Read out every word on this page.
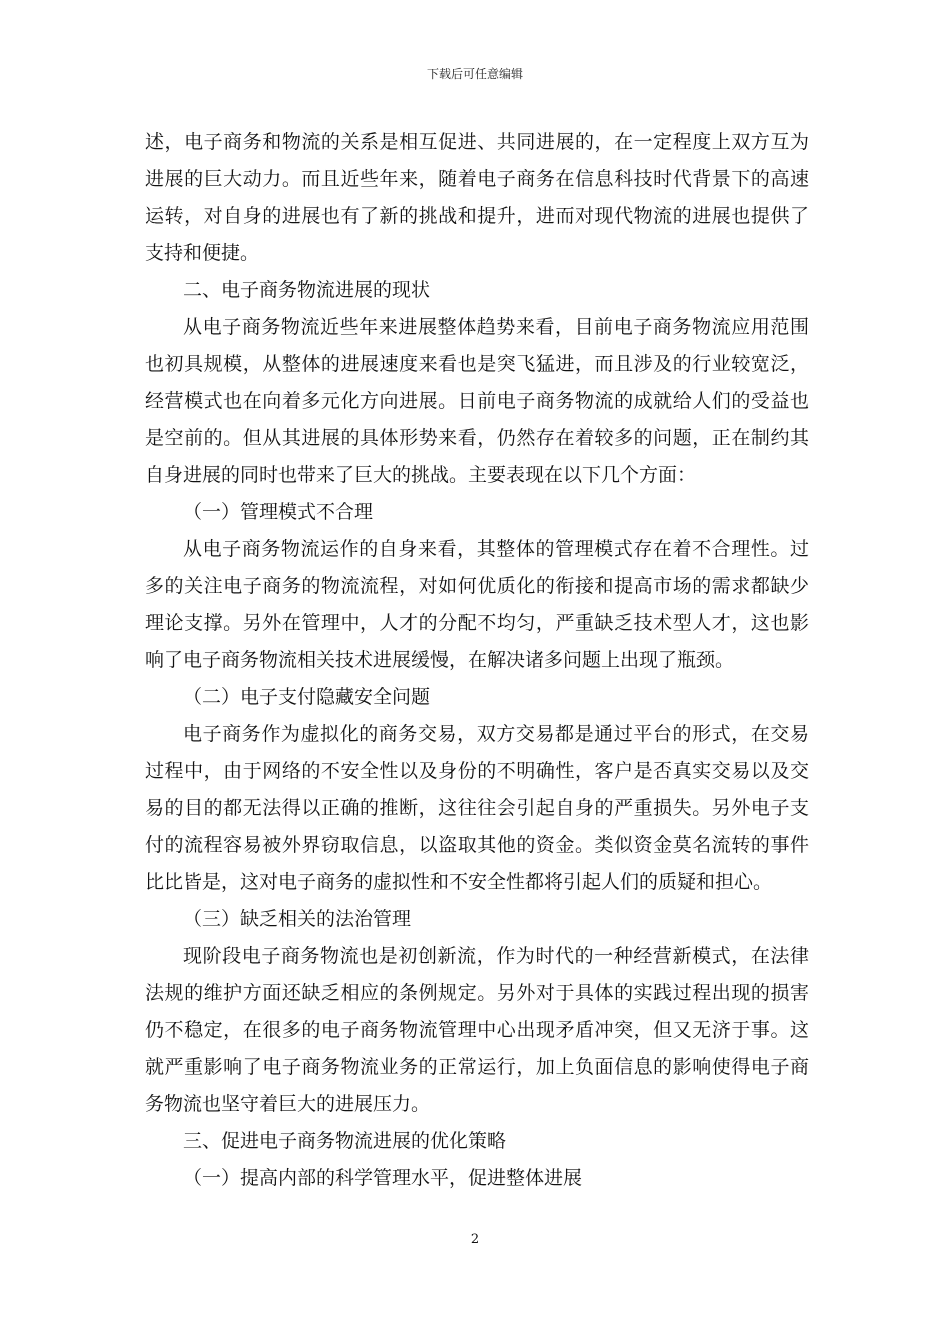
下载后可任意编辑

述，电子商务和物流的关系是相互促进、共同进展的，在一定程度上双方互为进展的巨大动力。而且近些年来，随着电子商务在信息科技时代背景下的高速运转，对自身的进展也有了新的挑战和提升，进而对现代物流的进展也提供了支持和便捷。

二、电子商务物流进展的现状

从电子商务物流近些年来进展整体趋势来看，目前电子商务物流应用范围也初具规模，从整体的进展速度来看也是突飞猛进，而且涉及的行业较宽泛，经营模式也在向着多元化方向进展。日前电子商务物流的成就给人们的受益也是空前的。但从其进展的具体形势来看，仍然存在着较多的问题，正在制约其自身进展的同时也带来了巨大的挑战。主要表现在以下几个方面：

（一）管理模式不合理

从电子商务物流运作的自身来看，其整体的管理模式存在着不合理性。过多的关注电子商务的物流流程，对如何优质化的衔接和提高市场的需求都缺少理论支撑。另外在管理中，人才的分配不均匀，严重缺乏技术型人才，这也影响了电子商务物流相关技术进展缓慢，在解决诸多问题上出现了瓶颈。

（二）电子支付隐藏安全问题

电子商务作为虚拟化的商务交易，双方交易都是通过平台的形式，在交易过程中，由于网络的不安全性以及身份的不明确性，客户是否真实交易以及交易的目的都无法得以正确的推断，这往往会引起自身的严重损失。另外电子支付的流程容易被外界窃取信息，以盗取其他的资金。类似资金莫名流转的事件比比皆是，这对电子商务的虚拟性和不安全性都将引起人们的质疑和担心。

（三）缺乏相关的法治管理

现阶段电子商务物流也是初创新流，作为时代的一种经营新模式，在法律法规的维护方面还缺乏相应的条例规定。另外对于具体的实践过程出现的损害仍不稳定，在很多的电子商务物流管理中心出现矛盾冲突，但又无济于事。这就严重影响了电子商务物流业务的正常运行，加上负面信息的影响使得电子商务物流也坚守着巨大的进展压力。

三、促进电子商务物流进展的优化策略

（一）提高内部的科学管理水平，促进整体进展

2
